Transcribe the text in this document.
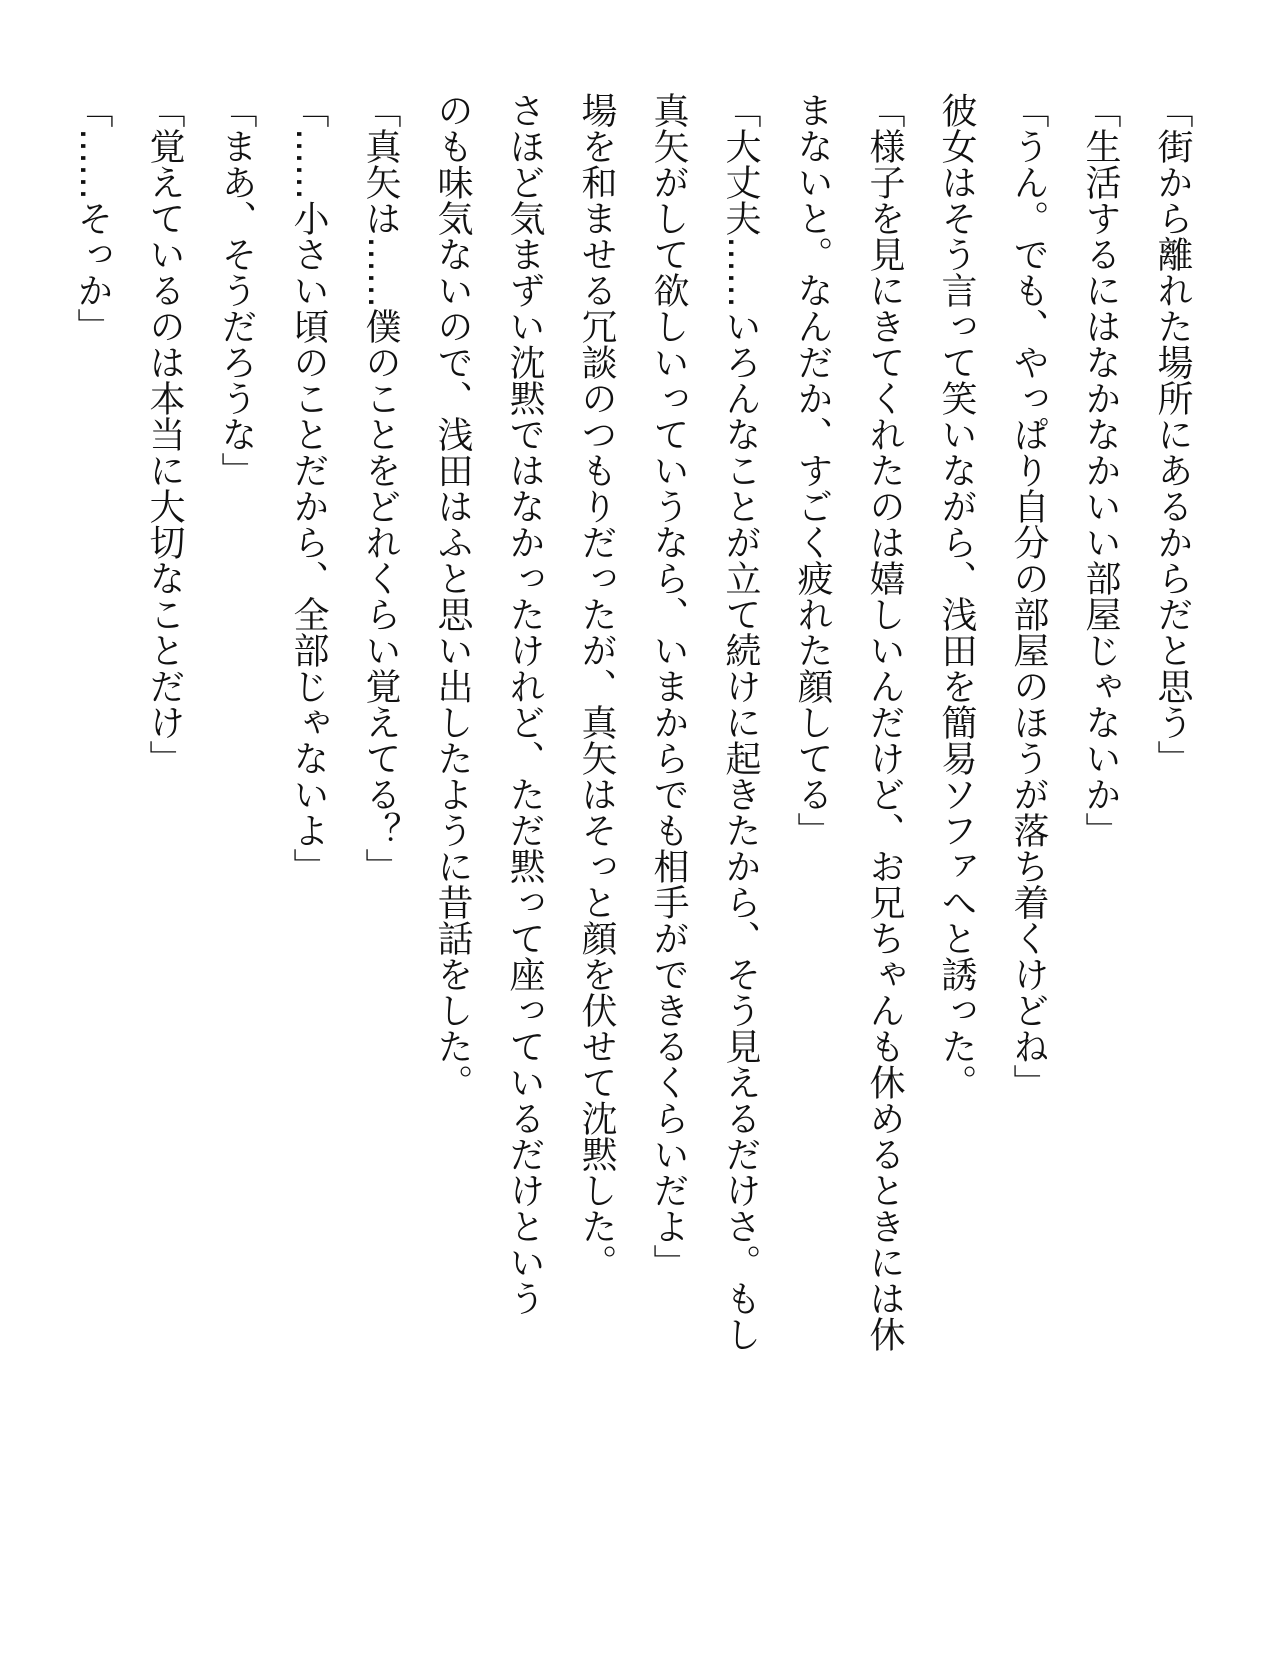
「街から離れた場所にあるからだと思う」
「生活するにはなかなかいい部屋じゃないか」
「うん。でも、やっぱり自分の部屋のほうが落ち着くけどね」
彼女はそう言って笑いながら、浅田を簡易ソファへと誘った。
「様子を見にきてくれたのは嬉しいんだけど、お兄ちゃんも休めるときには休
まないと。なんだか、すごく疲れた顔してる」
「大丈夫……いろんなことが立て続けに起きたから、そう見えるだけさ。もし
真矢がして欲しいっていうなら、いまからでも相手ができるくらいだよ」
場を和ませる冗談のつもりだったが、真矢はそっと顔を伏せて沈黙した。
さほど気まずい沈黙ではなかったけれど、ただ黙って座っているだけという
のも味気ないので、浅田はふと思い出したように昔話をした。
「真矢は……僕のことをどれくらい覚えてる？」
「……小さい頃のことだから、全部じゃないよ」
「まあ、そうだろうな」
「覚えているのは本当に大切なことだけ」
「……そっか」
